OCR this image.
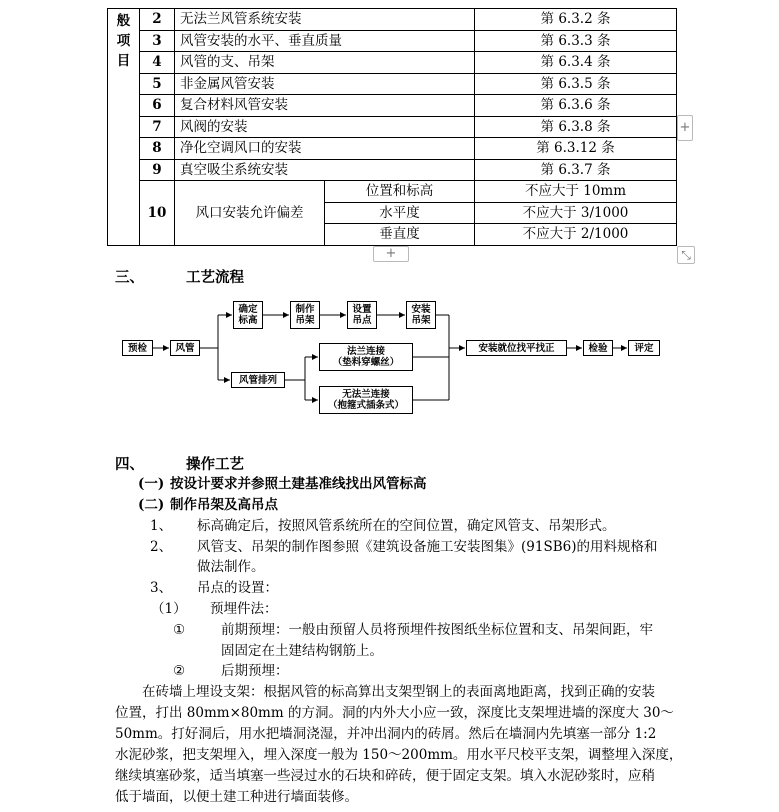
般
项
目	2	无法兰风管系统安装		第 6.3.2 条
	3	风管安装的水平、垂直质量		第 6.3.3 条
	4	风管的支、吊架		第 6.3.4 条
	5	非金属风管安装		第 6.3.5 条
	6	复合材料风管安装		第 6.3.6 条
	7	风阀的安装		第 6.3.8 条
	8	净化空调风口的安装		第 6.3.12 条
	9	真空吸尘系统安装		第 6.3.7 条
	10	风口安装允许偏差	位置和标高	不应大于 10mm
			水平度	不应大于 3/1000
			垂直度	不应大于 2/1000
+
+	⤡
三、	工艺流程
预检	风管
确定
标高
制作
吊架
设置
吊点
安装
吊架
风管排列
法兰连接
（垫料穿螺丝）
无法兰连接
（抱箍式插条式）
安装就位找平找正	检验	评定
四、	操作工艺
(一) 按设计要求并参照土建基准线找出风管标高
(二) 制作吊架及高吊点
1、 标高确定后，按照风管系统所在的空间位置，确定风管支、吊架形式。
2、 风管支、吊架的制作图参照《建筑设备施工安装图集》(91SB6)的用料规格和
做法制作。
3、 吊点的设置：
（1） 预埋件法：
①	前期预埋：一般由预留人员将预埋件按图纸坐标位置和支、吊架间距，牢
固固定在土建结构钢筋上。
②	后期预埋：
在砖墙上埋设支架：根据风管的标高算出支架型钢上的表面离地距离，找到正确的安装
位置，打出 80mm×80mm 的方洞。洞的内外大小应一致，深度比支架埋进墙的深度大 30～
50mm。打好洞后，用水把墙洞浇湿，并冲出洞内的砖屑。然后在墙洞内先填塞一部分 1:2
水泥砂浆，把支架埋入，埋入深度一般为 150～200mm。用水平尺校平支架，调整埋入深度，
继续填塞砂浆，适当填塞一些浸过水的石块和碎砖，便于固定支架。填入水泥砂浆时，应稍
低于墙面，以便土建工种进行墙面装修。
